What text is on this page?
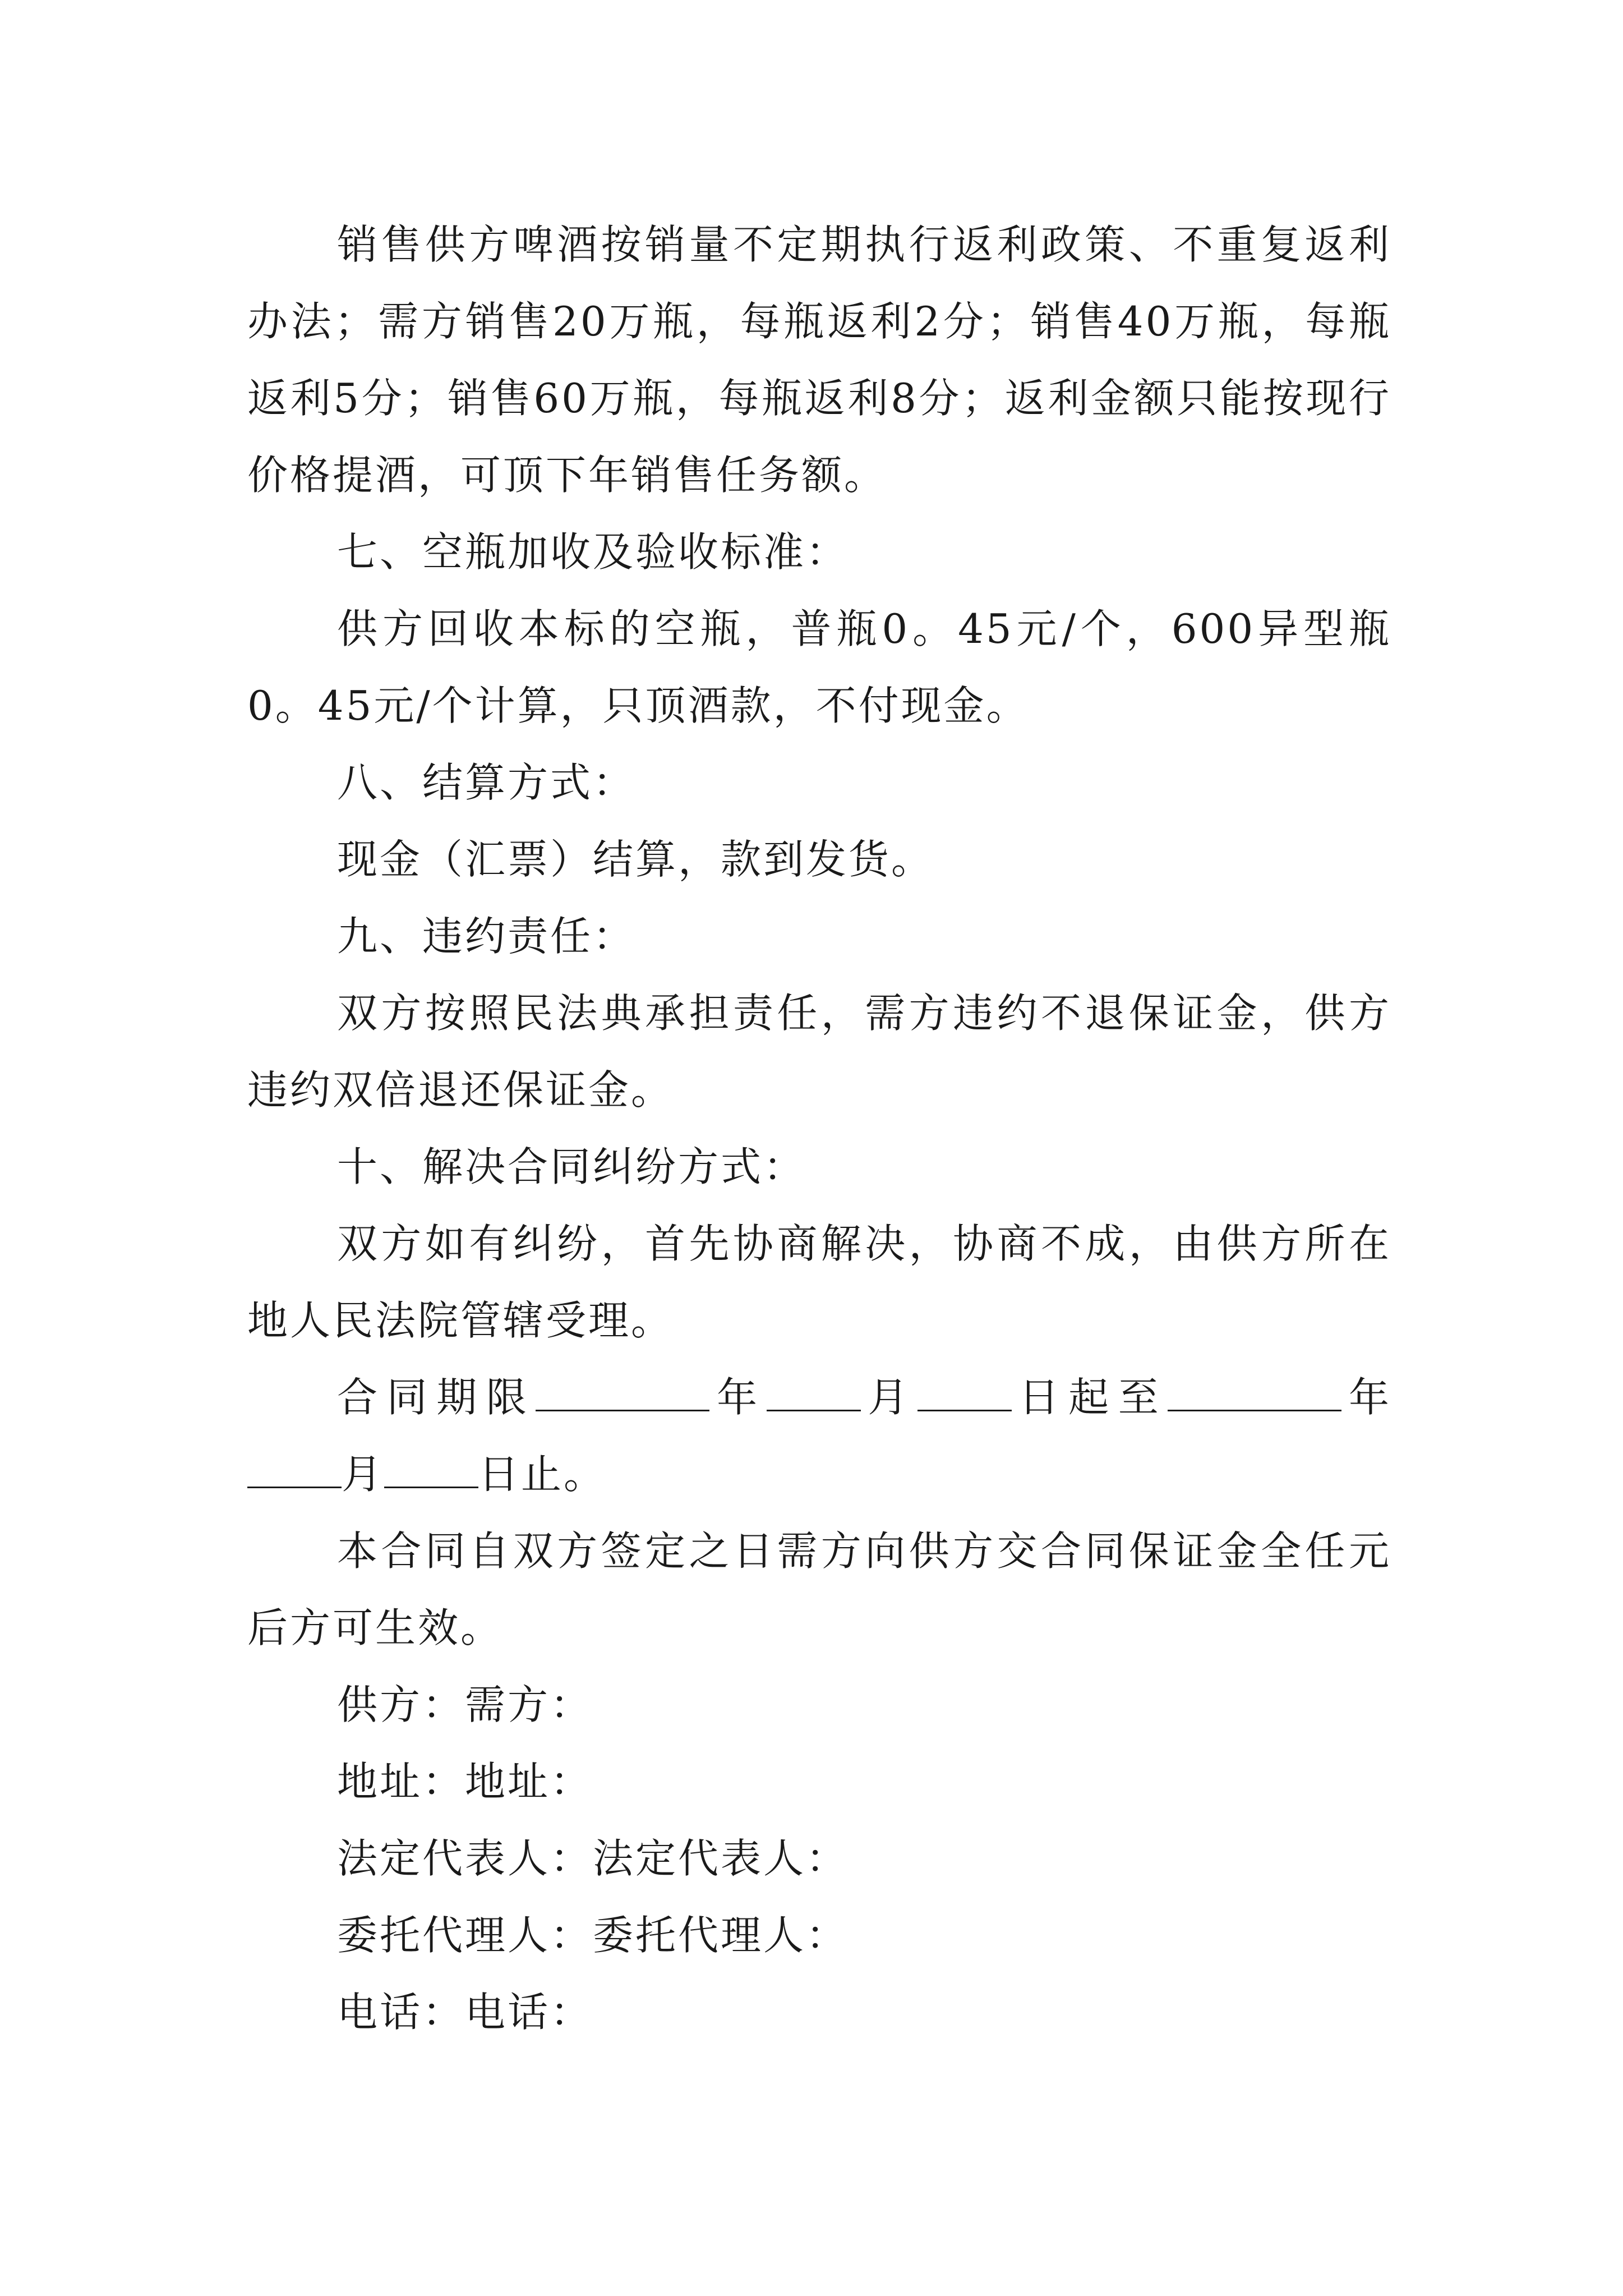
销售供方啤酒按销量不定期执行返利政策、不重复返利办法；需方销售20万瓶，每瓶返利2分；销售40万瓶，每瓶返利5分；销售60万瓶，每瓶返利8分；返利金额只能按现行价格提酒，可顶下年销售任务额。

七、空瓶加收及验收标准：

供方回收本标的空瓶，普瓶0。45元/个，600异型瓶0。45元/个计算，只顶酒款，不付现金。

八、结算方式：

现金（汇票）结算，款到发货。

九、违约责任：

双方按照民法典承担责任，需方违约不退保证金，供方违约双倍退还保证金。

十、解决合同纠纷方式：

双方如有纠纷，首先协商解决，协商不成，由供方所在地人民法院管辖受理。

合同期限	年 月 日起至	年月 日止。

本合同自双方签定之日需方向供方交合同保证金全任元后方可生效。

供方：需方：

地址：地址：

法定代表人：法定代表人：

委托代理人：委托代理人：

电话：电话：
